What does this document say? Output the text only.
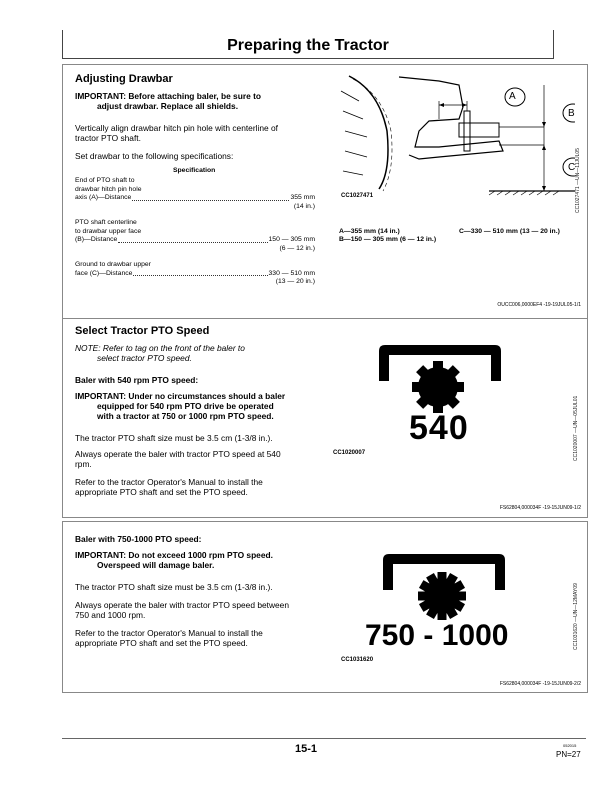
Preparing the Tractor
Adjusting Drawbar
IMPORTANT: Before attaching baler, be sure to
adjust drawbar. Replace all shields.
Vertically align drawbar hitch pin hole with centerline of
tractor PTO shaft.
Set drawbar to the following specifications:
Specification
End of PTO shaft to
drawbar hitch pin hole
axis (A)—Distance	355 mm
(14 in.)
PTO shaft centerline
to drawbar upper face
(B)—Distance	150 — 305 mm
(6 — 12 in.)
Ground to drawbar upper
face (C)—Distance	330 — 510 mm
(13 — 20 in.)
A
B
C
CC1027471	CC1027471 —UN—11JUL05
A—355 mm (14 in.)
B—150 — 305 mm (6 — 12 in.)
C—330 — 510 mm (13 — 20 in.)
OUCC006,0000EF4 -19-19JUL05-1/1
Select Tractor PTO Speed
NOTE: Refer to tag on the front of the baler to
select tractor PTO speed.
Baler with 540 rpm PTO speed:
IMPORTANT: Under no circumstances should a baler
equipped for 540 rpm PTO drive be operated
with a tractor at 750 or 1000 rpm PTO speed.
The tractor PTO shaft size must be 3.5 cm (1-3/8 in.).
Always operate the baler with tractor PTO speed at 540
rpm.
Refer to the tractor Operator's Manual to install the
appropriate PTO shaft and set the PTO speed.
540
CC1020007	CC1020007 —UN—05JUL01
FS62804,000034F -19-15JUN09-1/2
Baler with 750-1000 PTO speed:
IMPORTANT: Do not exceed 1000 rpm PTO speed.
Overspeed will damage baler.
The tractor PTO shaft size must be 3.5 cm (1-3/8 in.).
Always operate the baler with tractor PTO speed between
750 and 1000 rpm.
Refer to the tractor Operator's Manual to install the
appropriate PTO shaft and set the PTO speed.	750 - 1000
CC1031620
CC1031620 —UN—12MAY09
FS62804,000034F -19-15JUN09-2/2
15-1	052015
PN=27
